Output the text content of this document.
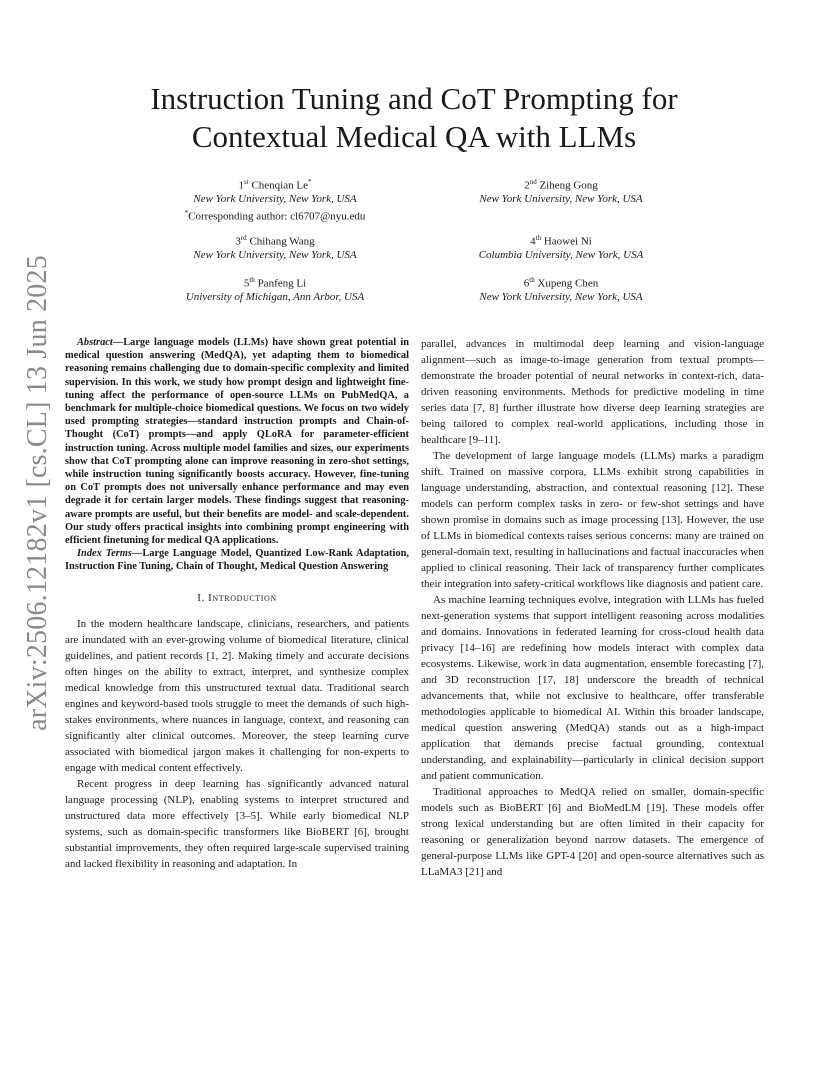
Instruction Tuning and CoT Prompting for
Contextual Medical QA with LLMs
1st Chenqian Le*
New York University, New York, USA
*Corresponding author: cl6707@nyu.edu
2nd Ziheng Gong
New York University, New York, USA
3rd Chihang Wang
New York University, New York, USA
4th Haowei Ni
Columbia University, New York, USA
5th Panfeng Li
University of Michigan, Ann Arbor, USA
6th Xupeng Chen
New York University, New York, USA
arXiv:2506.12182v1 [cs.CL] 13 Jun 2025	Abstract—Large language models (LLMs) have shown great potential in medical question answering (MedQA), yet adapting them to biomedical reasoning remains challenging due to domain-specific complexity and limited supervision. In this work, we study how prompt design and lightweight fine-tuning affect the performance of open-source LLMs on PubMedQA, a benchmark for multiple-choice biomedical questions. We focus on two widely used prompting strategies—standard instruction prompts and Chain-of-Thought (CoT) prompts—and apply QLoRA for parameter-efficient instruction tuning. Across multiple model families and sizes, our experiments show that CoT prompting alone can improve reasoning in zero-shot settings, while instruction tuning significantly boosts accuracy. However, fine-tuning on CoT prompts does not universally enhance performance and may even degrade it for certain larger models. These findings suggest that reasoning-aware prompts are useful, but their benefits are model- and scale-dependent. Our study offers practical insights into combining prompt engineering with efficient finetuning for medical QA applications.

Index Terms—Large Language Model, Quantized Low-Rank Adaptation, Instruction Fine Tuning, Chain of Thought, Medical Question Answering

I. Introduction

In the modern healthcare landscape, clinicians, researchers, and patients are inundated with an ever-growing volume of biomedical literature, clinical guidelines, and patient records [1, 2]. Making timely and accurate decisions often hinges on the ability to extract, interpret, and synthesize complex medical knowledge from this unstructured textual data. Traditional search engines and keyword-based tools struggle to meet the demands of such high-stakes environments, where nuances in language, context, and reasoning can significantly alter clinical outcomes. Moreover, the steep learning curve associated with biomedical jargon makes it challenging for non-experts to engage with medical content effectively.

Recent progress in deep learning has significantly advanced natural language processing (NLP), enabling systems to interpret structured and unstructured data more effectively [3–5]. While early biomedical NLP systems, such as domain-specific transformers like BioBERT [6], brought substantial improvements, they often required large-scale supervised training and lacked flexibility in reasoning and adaptation. In

parallel, advances in multimodal deep learning and vision-language alignment—such as image-to-image generation from textual prompts—demonstrate the broader potential of neural networks in context-rich, data-driven reasoning environments. Methods for predictive modeling in time series data [7, 8] further illustrate how diverse deep learning strategies are being tailored to complex real-world applications, including those in healthcare [9–11].

The development of large language models (LLMs) marks a paradigm shift. Trained on massive corpora, LLMs exhibit strong capabilities in language understanding, abstraction, and contextual reasoning [12]. These models can perform complex tasks in zero- or few-shot settings and have shown promise in domains such as image processing [13]. However, the use of LLMs in biomedical contexts raises serious concerns: many are trained on general-domain text, resulting in hallucinations and factual inaccuracies when applied to clinical reasoning. Their lack of transparency further complicates their integration into safety-critical workflows like diagnosis and patient care.

As machine learning techniques evolve, integration with LLMs has fueled next-generation systems that support intelligent reasoning across modalities and domains. Innovations in federated learning for cross-cloud health data privacy [14–16] are redefining how models interact with complex data ecosystems. Likewise, work in data augmentation, ensemble forecasting [7], and 3D reconstruction [17, 18] underscore the breadth of technical advancements that, while not exclusive to healthcare, offer transferable methodologies applicable to biomedical AI. Within this broader landscape, medical question answering (MedQA) stands out as a high-impact application that demands precise factual grounding, contextual understanding, and explainability—particularly in clinical decision support and patient communication.

Traditional approaches to MedQA relied on smaller, domain-specific models such as BioBERT [6] and BioMedLM [19]. These models offer strong lexical understanding but are often limited in their capacity for reasoning or generalization beyond narrow datasets. The emergence of general-purpose LLMs like GPT-4 [20] and open-source alternatives such as LLaMA3 [21] and
